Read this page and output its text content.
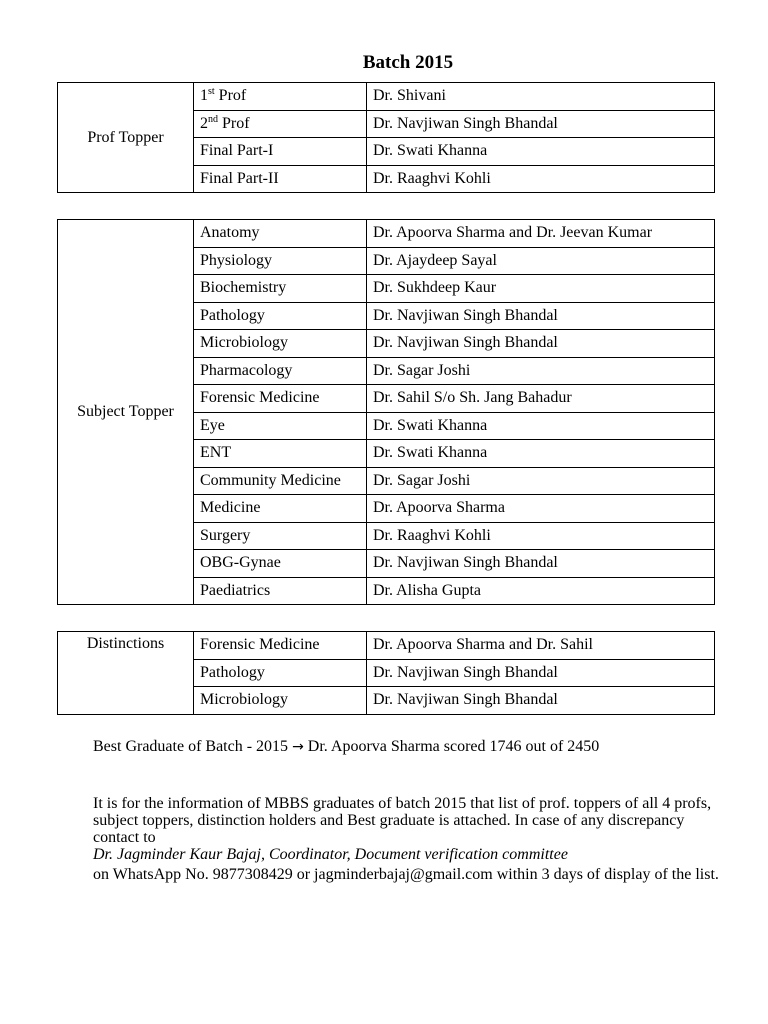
Batch 2015
Prof Topper	1st Prof	Dr. Shivani
	2nd Prof	Dr. Navjiwan Singh Bhandal
	Final Part-I	Dr. Swati Khanna
	Final Part-II	Dr. Raaghvi Kohli
Subject Topper	Anatomy	Dr. Apoorva Sharma and Dr. Jeevan Kumar
	Physiology	Dr. Ajaydeep Sayal
	Biochemistry	Dr. Sukhdeep Kaur
	Pathology	Dr. Navjiwan Singh Bhandal
	Microbiology	Dr. Navjiwan Singh Bhandal
	Pharmacology	Dr. Sagar Joshi
	Forensic Medicine	Dr. Sahil S/o Sh. Jang Bahadur
	Eye	Dr. Swati Khanna
	ENT	Dr. Swati Khanna
	Community Medicine	Dr. Sagar Joshi
	Medicine	Dr. Apoorva Sharma
	Surgery	Dr. Raaghvi Kohli
	OBG-Gynae	Dr. Navjiwan Singh Bhandal
	Paediatrics	Dr. Alisha Gupta
Distinctions	Forensic Medicine	Dr. Apoorva Sharma and Dr. Sahil
	Pathology	Dr. Navjiwan Singh Bhandal
	Microbiology	Dr. Navjiwan Singh Bhandal
Best Graduate of Batch - 2015 → Dr. Apoorva Sharma scored 1746 out of 2450
It is for the information of MBBS graduates of batch 2015 that list of prof. toppers of all 4 profs, subject toppers, distinction holders and Best graduate is attached. In case of any discrepancy contact to
Dr. Jagminder Kaur Bajaj, Coordinator, Document verification committee
on WhatsApp No. 9877308429 or jagminderbajaj@gmail.com within 3 days of display of the list.
